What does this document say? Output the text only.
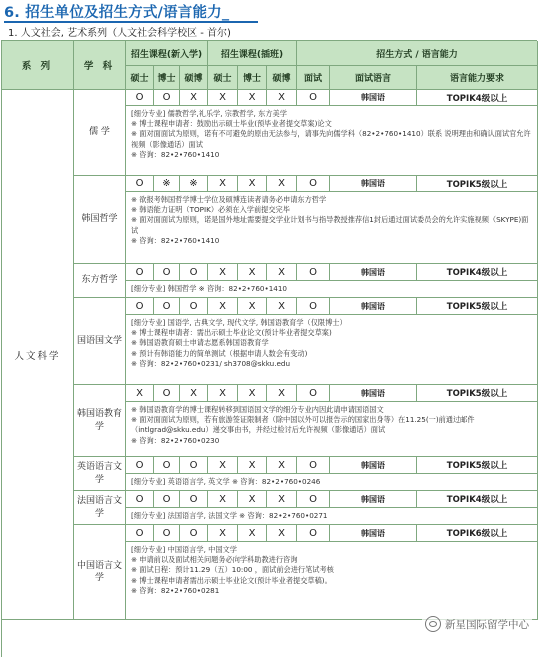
6. 招生单位及招生方式/语言能力_
1. 人文社会, 艺术系列（人文社会科学校区 - 首尔)
系 列	学 科
招生课程(新入学)	招生课程(插班)	招生方式 / 语言能力
硕士 博士 硕博	硕士	博士	硕博	面试	面试语言	语言能力要求
人文科学
儒 学
O	O	X	X	X	X	O	韩国语	TOPIK4级以上
[细分专业] 儒教哲学,礼乐学, 宗教哲学, 东方美学
※ 博士课程申请者：鼓励出示硕士毕业(预毕业者提交草案)论文
※ 面对面面试为原则，诺有不可避免的原由无法参与，请事先向儒学科（82•2•760•1410）联系 说明理由和确认面试官允许视频（影像通话）面试
※ 咨询：82•2•760•1410
韩国哲学
O	※	※	X	X	X	O	韩国语	TOPIK5级以上
※ 欲报考韩国哲学博士学位及硕博连读者请务必申请东方哲学
※ 韩语能力证明（TOPIK）必须在入学前提交完毕
※ 面对面面试为原则，诺是国外地址需要提交学业计划书与指导教授推荐信1封后通过面试委员会的允许实施视频（SKYPE)面试
※ 咨询：82•2•760•1410
东方哲学
O	O	O	X	X	X	O	韩国语	TOPIK4级以上
[细分专业] 韩国哲学 ※ 咨询：82•2•760•1410
国语国文学
O	O	O	X	X	X	O	韩国语	TOPIK5级以上
[细分专业] 国语学, 古典文学, 现代文学, 韩国语教育学（仅限博士）
※ 博士课程申请者：需出示硕士毕业论文(预计毕业者提交草案)
※ 韩国语教育硕士申请志愿系韩国语教育学
※ 预计有韩语能力的简单测试（根据申请人数会有变动)
※ 咨询：82•2•760•0231/ sh3708@skku.edu
韩国语教育学
X	O	X	X	X	X	O	韩国语	TOPIK5级以上
※ 韩国语教育学的博士课程转移到国语国文学的细分专业内因此请申请国语国文
※ 面对面面试为原则，若有旅游签证限制者（除中国以外可以报告示的国家出身等）在11.25(一)前通过邮件（intlgrad@skku.edu）递交事由书，并经过检讨后允许视频（影像通话）面试
※ 咨询：82•2•760•0230
英语语言文学
O	O	O	X	X	X	O	韩国语	TOPIK5级以上
[细分专业] 英语语言学, 英文学 ※ 咨询：82•2•760•0246
法国语言文学
O	O	O	X	X	X	O	韩国语	TOPIK4级以上
[细分专业] 法国语言学, 法国文学 ※ 咨询：82•2•760•0271
中国语言文学
O	O	O	X	X	X	O	韩国语	TOPIK6级以上
[细分专业] 中国语言学, 中国文学
※ 申请前以及面试相关问题务必向学科助教进行咨询
※ 面试日程：预计11.29（五）10:00 ，面试前会进行笔试考核
※ 博士课程申请者需出示硕士毕业论文(预计毕业者提交草稿)。
※ 咨询：82•2•760•0281
新星国际留学中心
